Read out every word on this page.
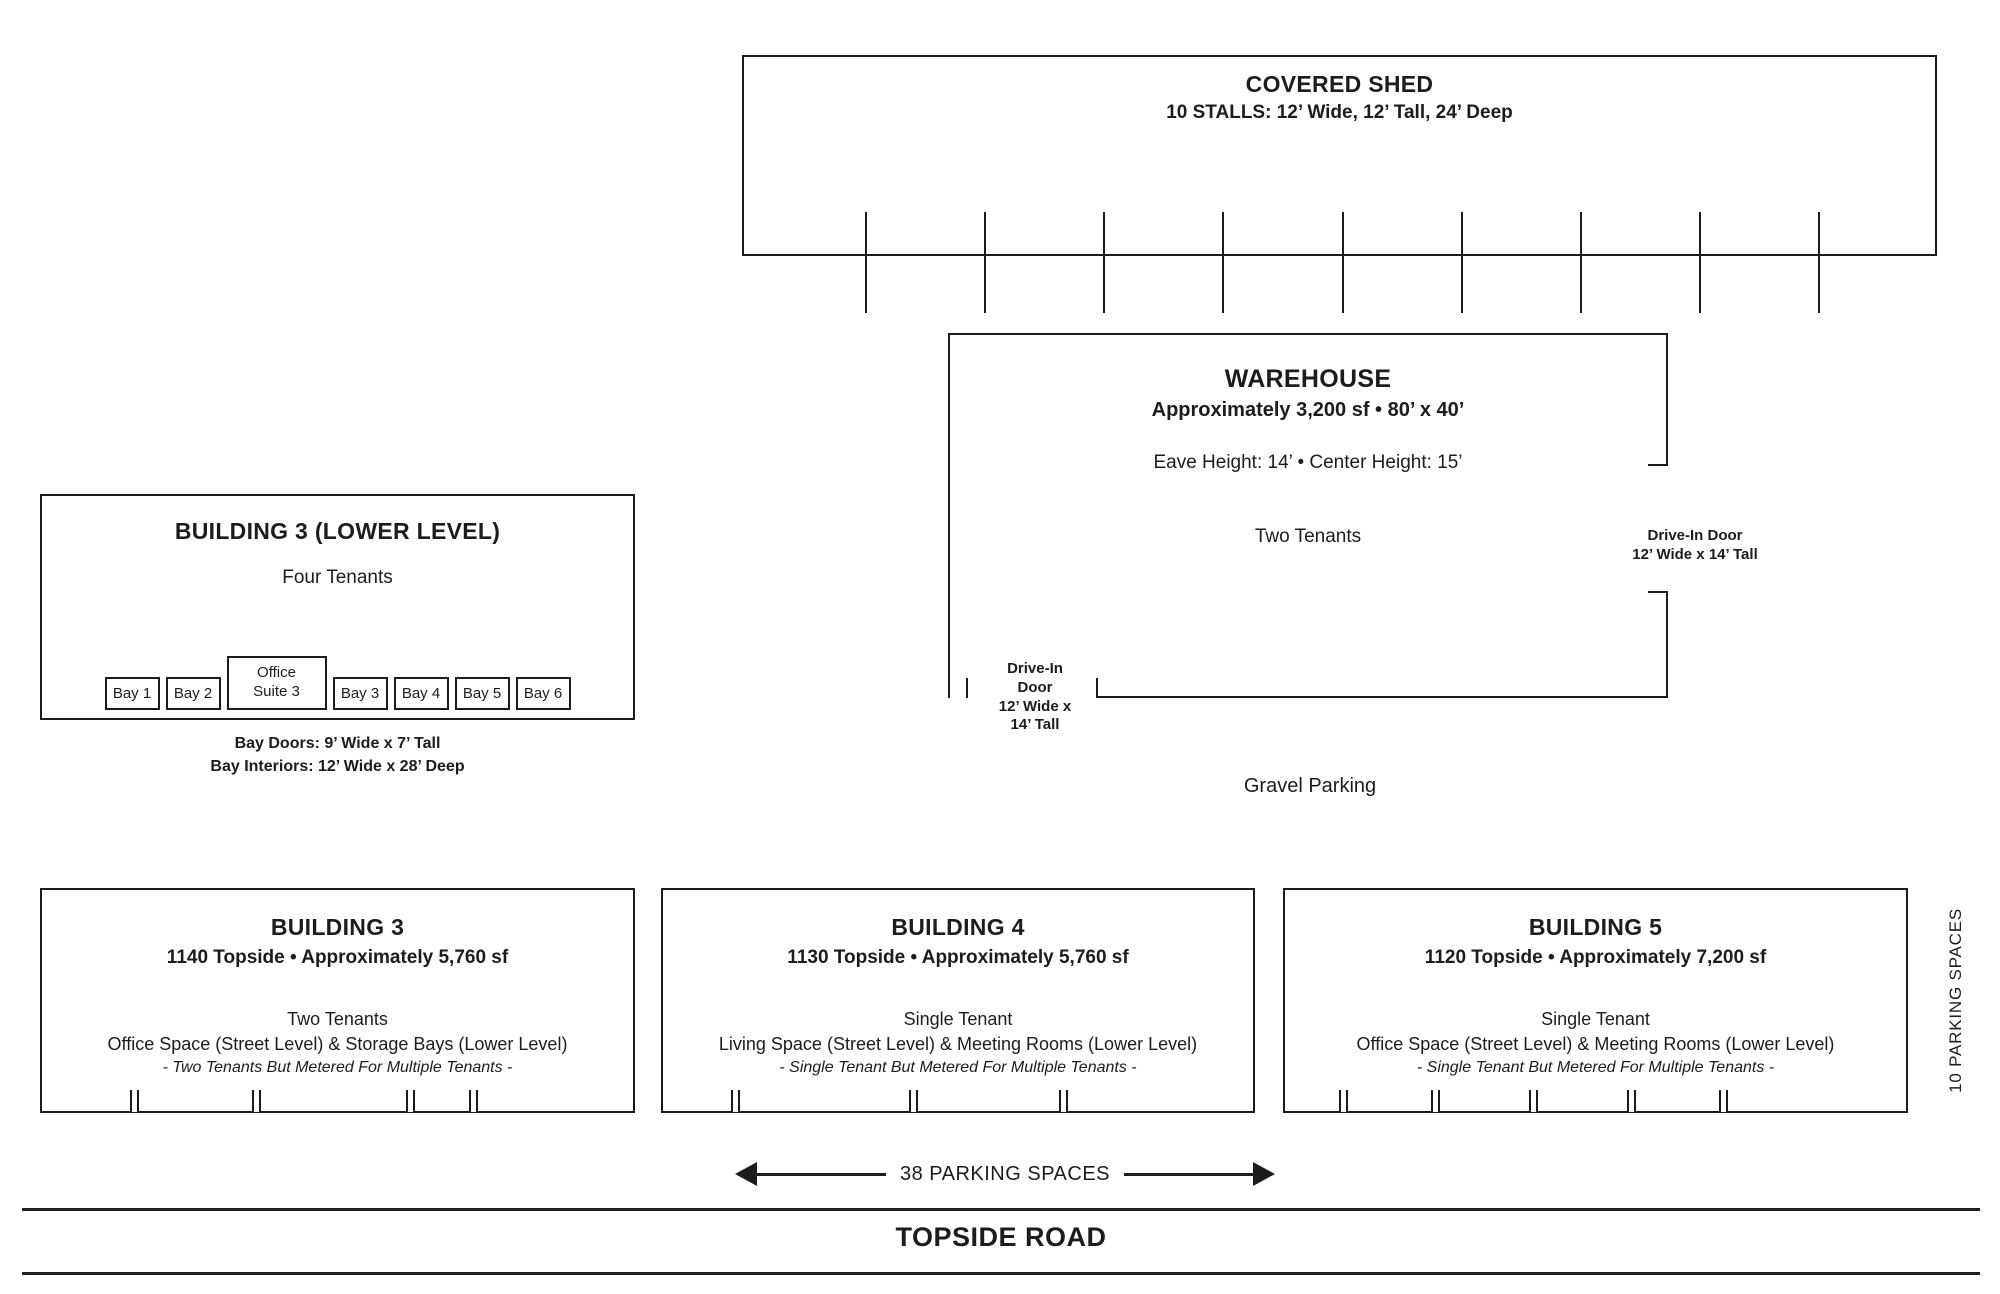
COVERED SHED
10 STALLS: 12’ Wide, 12’ Tall, 24’ Deep
WAREHOUSE
Approximately 3,200 sf • 80’ x 40’
Eave Height: 14’ • Center Height: 15’
Two Tenants	Drive-In Door
12’ Wide x 14’ Tall
Drive-In
Door
12’ Wide x
14’ Tall
Gravel Parking
BUILDING 3 (LOWER LEVEL)
Four Tenants
Bay 1	Bay 2
Office
Suite 3	Bay 3	Bay 4	Bay 5	Bay 6
Bay Doors: 9’ Wide x 7’ Tall
Bay Interiors: 12’ Wide x 28’ Deep
BUILDING 3
1140 Topside • Approximately 5,760 sf
Two Tenants
Office Space (Street Level) & Storage Bays (Lower Level)
- Two Tenants But Metered For Multiple Tenants -
BUILDING 4
1130 Topside • Approximately 5,760 sf
Single Tenant
Living Space (Street Level) & Meeting Rooms (Lower Level)
- Single Tenant But Metered For Multiple Tenants -
BUILDING 5
1120 Topside • Approximately 7,200 sf
Single Tenant
Office Space (Street Level) & Meeting Rooms (Lower Level)
- Single Tenant But Metered For Multiple Tenants -	10 PARKING SPACES
38 PARKING SPACES
TOPSIDE ROAD
